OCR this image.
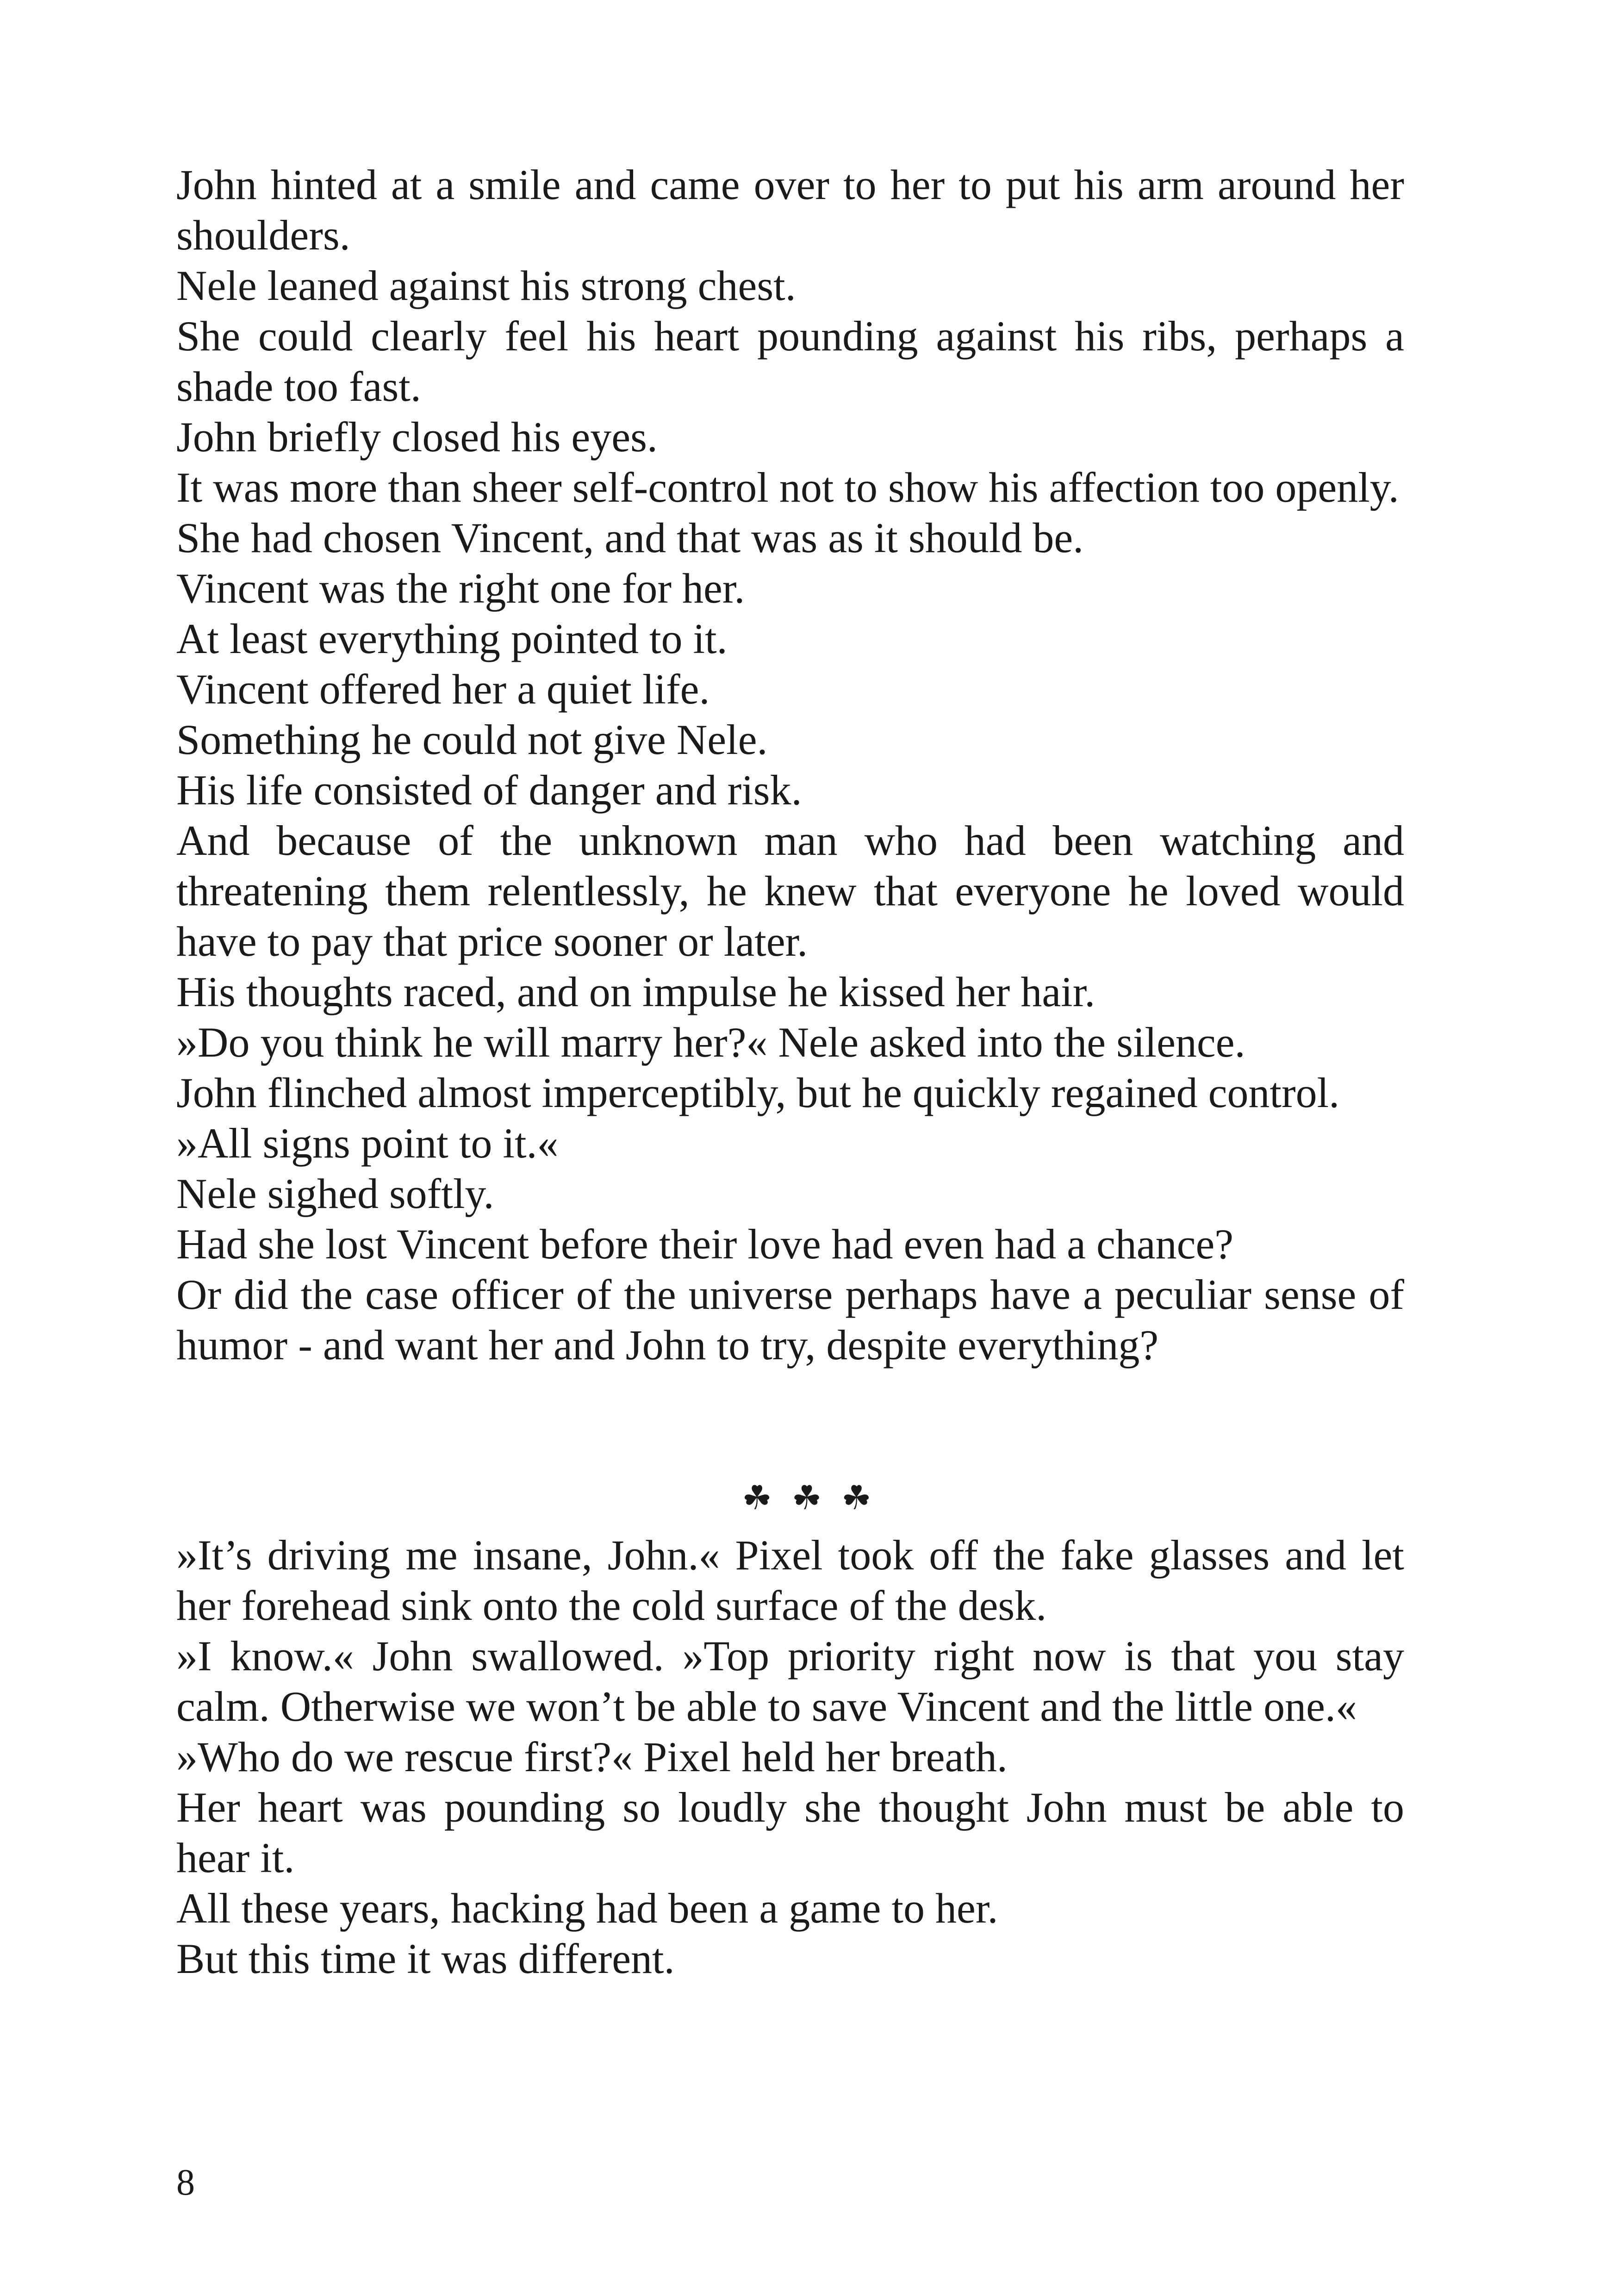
John hinted at a smile and came over to her to put his arm around her shoulders.

Nele leaned against his strong chest.

She could clearly feel his heart pounding against his ribs, perhaps a shade too fast.

John briefly closed his eyes.

It was more than sheer self-control not to show his affection too openly.

She had chosen Vincent, and that was as it should be.

Vincent was the right one for her.

At least everything pointed to it.

Vincent offered her a quiet life.

Something he could not give Nele.

His life consisted of danger and risk.

And because of the unknown man who had been watching and threatening them relentlessly, he knew that everyone he loved would have to pay that price sooner or later.

His thoughts raced, and on impulse he kissed her hair.

»Do you think he will marry her?« Nele asked into the silence.

John flinched almost imperceptibly, but he quickly regained control.

»All signs point to it.«

Nele sighed softly.

Had she lost Vincent before their love had even had a chance?

Or did the case officer of the universe perhaps have a peculiar sense of humor - and want her and John to try, despite everything?

☘ ☘ ☘

»It’s driving me insane, John.« Pixel took off the fake glasses and let her forehead sink onto the cold surface of the desk.

»I know.« John swallowed. »Top priority right now is that you stay calm. Otherwise we won’t be able to save Vincent and the little one.«

»Who do we rescue first?« Pixel held her breath.

Her heart was pounding so loudly she thought John must be able to hear it.

All these years, hacking had been a game to her.

But this time it was different.

8
